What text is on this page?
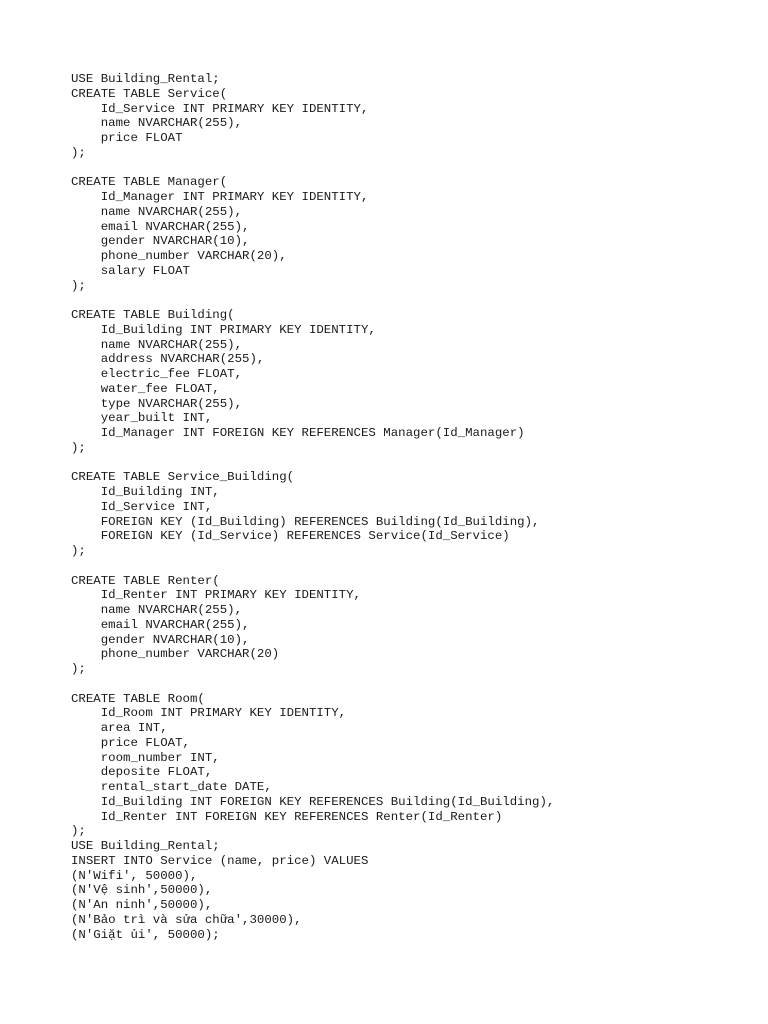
USE Building_Rental;
CREATE TABLE Service(
Id_Service INT PRIMARY KEY IDENTITY,
name NVARCHAR(255),
price FLOAT
);
CREATE TABLE Manager(
Id_Manager INT PRIMARY KEY IDENTITY,
name NVARCHAR(255),
email NVARCHAR(255),
gender NVARCHAR(10),
phone_number VARCHAR(20),
salary FLOAT
);
CREATE TABLE Building(
Id_Building INT PRIMARY KEY IDENTITY,
name NVARCHAR(255),
address NVARCHAR(255),
electric_fee FLOAT,
water_fee FLOAT,
type NVARCHAR(255),
year_built INT,
Id_Manager INT FOREIGN KEY REFERENCES Manager(Id_Manager)
);
CREATE TABLE Service_Building(
Id_Building INT,
Id_Service INT,
FOREIGN KEY (Id_Building) REFERENCES Building(Id_Building),
FOREIGN KEY (Id_Service) REFERENCES Service(Id_Service)
);
CREATE TABLE Renter(
Id_Renter INT PRIMARY KEY IDENTITY,
name NVARCHAR(255),
email NVARCHAR(255),
gender NVARCHAR(10),
phone_number VARCHAR(20)
);
CREATE TABLE Room(
Id_Room INT PRIMARY KEY IDENTITY,
area INT,
price FLOAT,
room_number INT,
deposite FLOAT,
rental_start_date DATE,
Id_Building INT FOREIGN KEY REFERENCES Building(Id_Building),
Id_Renter INT FOREIGN KEY REFERENCES Renter(Id_Renter)
);
USE Building_Rental;
INSERT INTO Service (name, price) VALUES
(N'Wifi', 50000),
(N'Vệ sinh',50000),
(N'An ninh',50000),
(N'Bảo trì và sửa chữa',30000),
(N'Giặt ủi', 50000);
